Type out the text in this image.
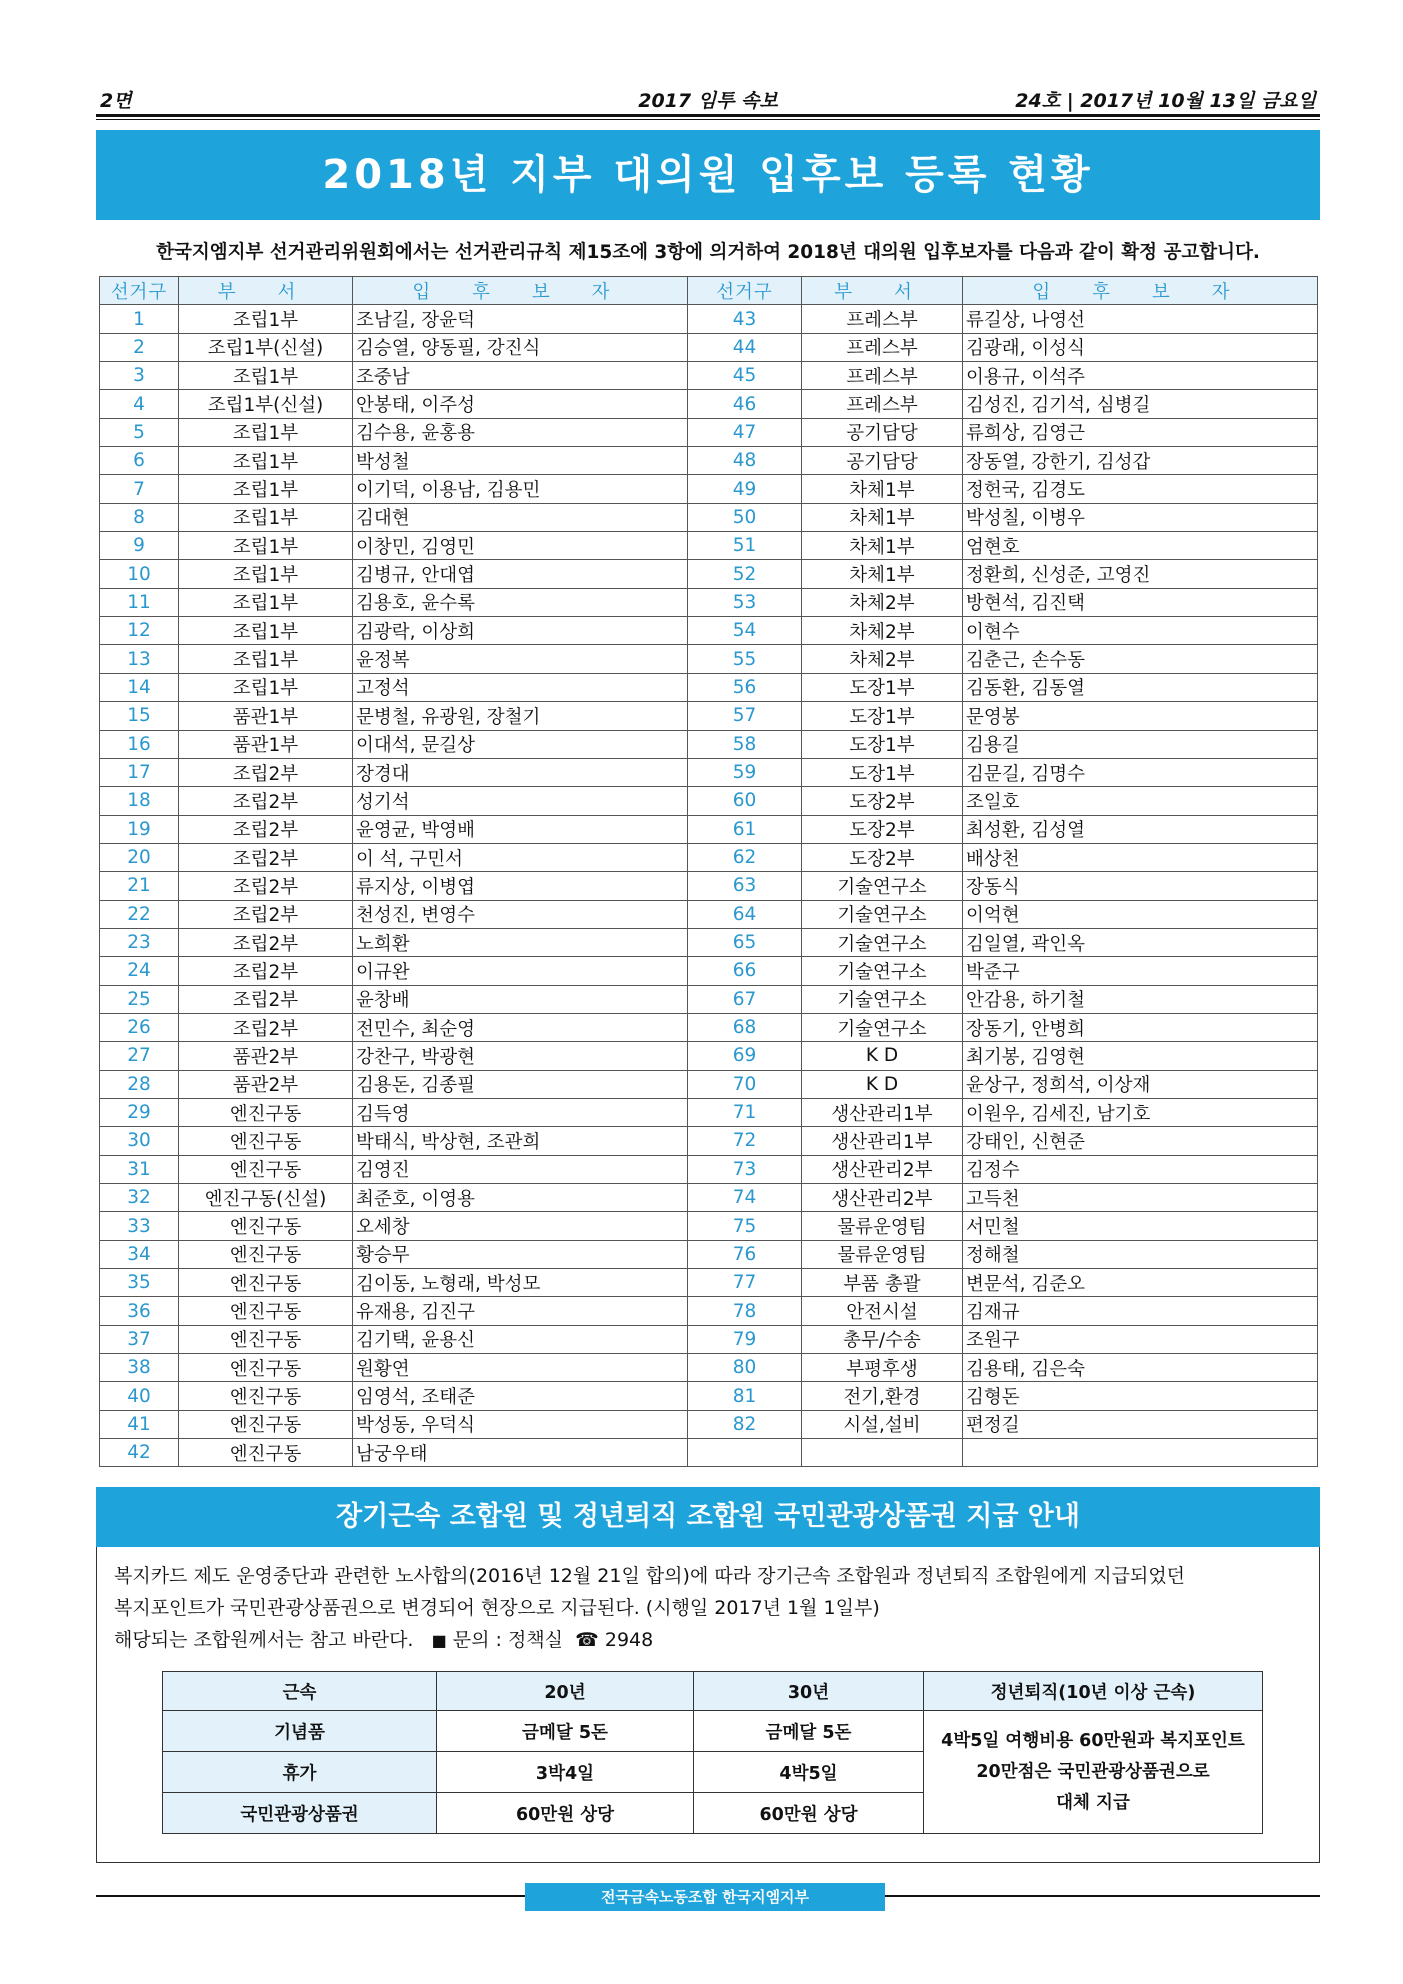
2면	2017 임투 속보	24호 | 2017년 10월 13일 금요일
2018년 지부 대의원 입후보 등록 현황
한국지엠지부 선거관리위원회에서는 선거관리규칙 제15조에 3항에 의거하여 2018년 대의원 입후보자를 다음과 같이 확정 공고합니다.
선거구	부 서	입 후 보 자	선거구	부 서	입 후 보 자
1	조립1부	조남길, 장윤덕	43	프레스부	류길상, 나영선
2	조립1부(신설)	김승열, 양동필, 강진식	44	프레스부	김광래, 이성식
3	조립1부	조중남	45	프레스부	이용규, 이석주
4	조립1부(신설)	안봉태, 이주성	46	프레스부	김성진, 김기석, 심병길
5	조립1부	김수용, 윤홍용	47	공기담당	류희상, 김영근
6	조립1부	박성철	48	공기담당	장동열, 강한기, 김성갑
7	조립1부	이기덕, 이용남, 김용민	49	차체1부	정헌국, 김경도
8	조립1부	김대현	50	차체1부	박성칠, 이병우
9	조립1부	이창민, 김영민	51	차체1부	엄현호
10	조립1부	김병규, 안대엽	52	차체1부	정환희, 신성준, 고영진
11	조립1부	김용호, 윤수록	53	차체2부	방현석, 김진택
12	조립1부	김광락, 이상희	54	차체2부	이현수
13	조립1부	윤정복	55	차체2부	김춘근, 손수동
14	조립1부	고정석	56	도장1부	김동환, 김동열
15	품관1부	문병철, 유광원, 장철기	57	도장1부	문영봉
16	품관1부	이대석, 문길상	58	도장1부	김용길
17	조립2부	장경대	59	도장1부	김문길, 김명수
18	조립2부	성기석	60	도장2부	조일호
19	조립2부	윤영균, 박영배	61	도장2부	최성환, 김성열
20	조립2부	이 석, 구민서	62	도장2부	배상천
21	조립2부	류지상, 이병엽	63	기술연구소	장동식
22	조립2부	천성진, 변영수	64	기술연구소	이억현
23	조립2부	노희환	65	기술연구소	김일열, 곽인옥
24	조립2부	이규완	66	기술연구소	박준구
25	조립2부	윤창배	67	기술연구소	안감용, 하기철
26	조립2부	전민수, 최순영	68	기술연구소	장동기, 안병희
27	품관2부	강찬구, 박광현	69	K D	최기봉, 김영현
28	품관2부	김용돈, 김종필	70	K D	윤상구, 정희석, 이상재
29	엔진구동	김득영	71	생산관리1부	이원우, 김세진, 남기호
30	엔진구동	박태식, 박상현, 조관희	72	생산관리1부	강태인, 신현준
31	엔진구동	김영진	73	생산관리2부	김정수
32	엔진구동(신설)	최준호, 이영용	74	생산관리2부	고득천
33	엔진구동	오세창	75	물류운영팀	서민철
34	엔진구동	황승무	76	물류운영팀	정해철
35	엔진구동	김이동, 노형래, 박성모	77	부품 총괄	변문석, 김준오
36	엔진구동	유재용, 김진구	78	안전시설	김재규
37	엔진구동	김기택, 윤용신	79	총무/수송	조원구
38	엔진구동	원황연	80	부평후생	김용태, 김은숙
40	엔진구동	임영석, 조태준	81	전기,환경	김형돈
41	엔진구동	박성동, 우덕식	82	시설,설비	편정길
42	엔진구동	남궁우태			
장기근속 조합원 및 정년퇴직 조합원 국민관광상품권 지급 안내

복지카드 제도 운영중단과 관련한 노사합의(2016년 12월 21일 합의)에 따라 장기근속 조합원과 정년퇴직 조합원에게 지급되었던

복지포인트가 국민관광상품권으로 변경되어 현장으로 지급된다. (시행일 2017년 1월 1일부)

해당되는 조합원께서는 참고 바란다. ■ 문의 : 정책실 ☎ 2948

근속	20년	30년	정년퇴직(10년 이상 근속)
기념품	금메달 5돈	금메달 5돈	4박5일 여행비용 60만원과 복지포인트
20만점은 국민관광상품권으로
대체 지급
휴가	3박4일	4박5일	
국민관광상품권	60만원 상당	60만원 상당	
전국금속노동조합 한국지엠지부
